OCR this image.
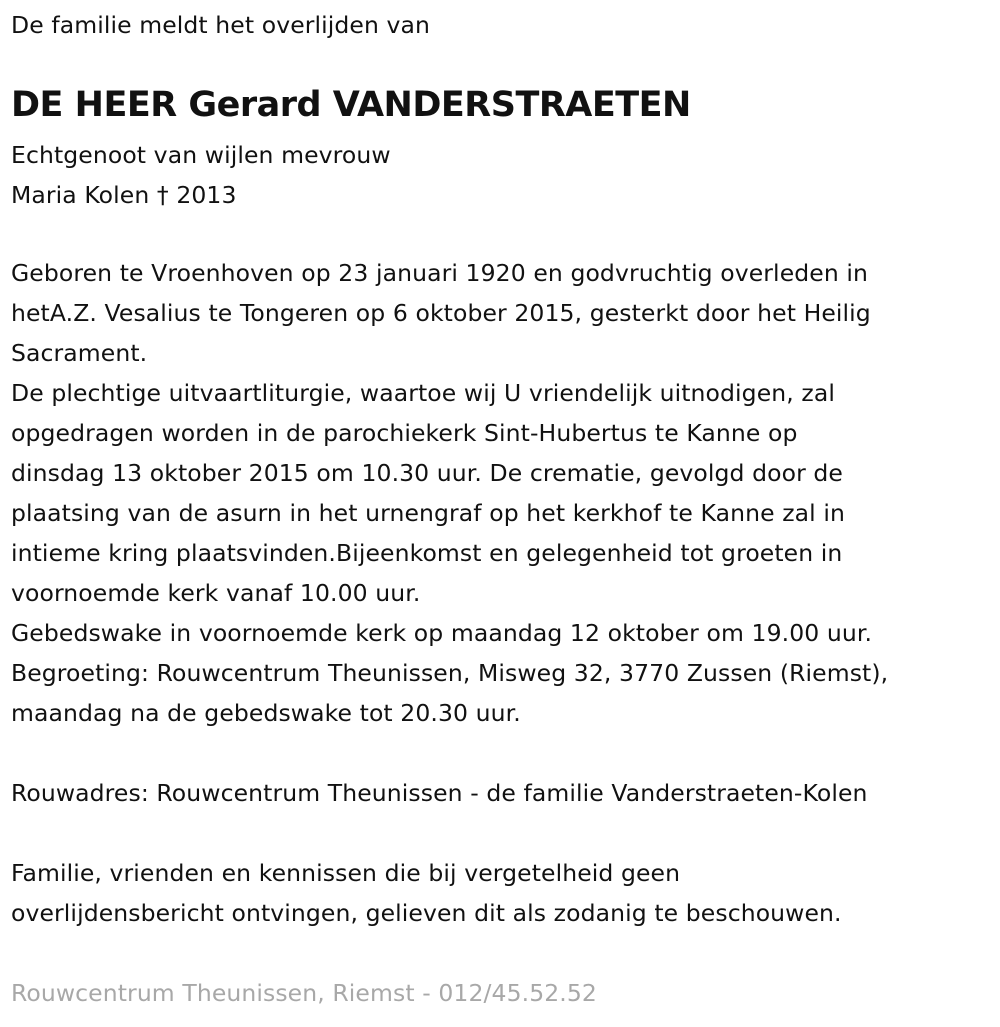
De familie meldt het overlijden van
DE HEER Gerard VANDERSTRAETEN
Echtgenoot van wijlen mevrouw
Maria Kolen † 2013
Geboren te Vroenhoven op 23 januari 1920 en godvruchtig overleden in
hetA.Z. Vesalius te Tongeren op 6 oktober 2015, gesterkt door het Heilig
Sacrament.
De plechtige uitvaartliturgie, waartoe wij U vriendelijk uitnodigen, zal
opgedragen worden in de parochiekerk Sint-Hubertus te Kanne op
dinsdag 13 oktober 2015 om 10.30 uur. De crematie, gevolgd door de
plaatsing van de asurn in het urnengraf op het kerkhof te Kanne zal in
intieme kring plaatsvinden.Bijeenkomst en gelegenheid tot groeten in
voornoemde kerk vanaf 10.00 uur.
Gebedswake in voornoemde kerk op maandag 12 oktober om 19.00 uur.
Begroeting: Rouwcentrum Theunissen, Misweg 32, 3770 Zussen (Riemst),
maandag na de gebedswake tot 20.30 uur.
Rouwadres: Rouwcentrum Theunissen - de familie Vanderstraeten-Kolen
Familie, vrienden en kennissen die bij vergetelheid geen
overlijdensbericht ontvingen, gelieven dit als zodanig te beschouwen.
Rouwcentrum Theunissen, Riemst - 012/45.52.52
